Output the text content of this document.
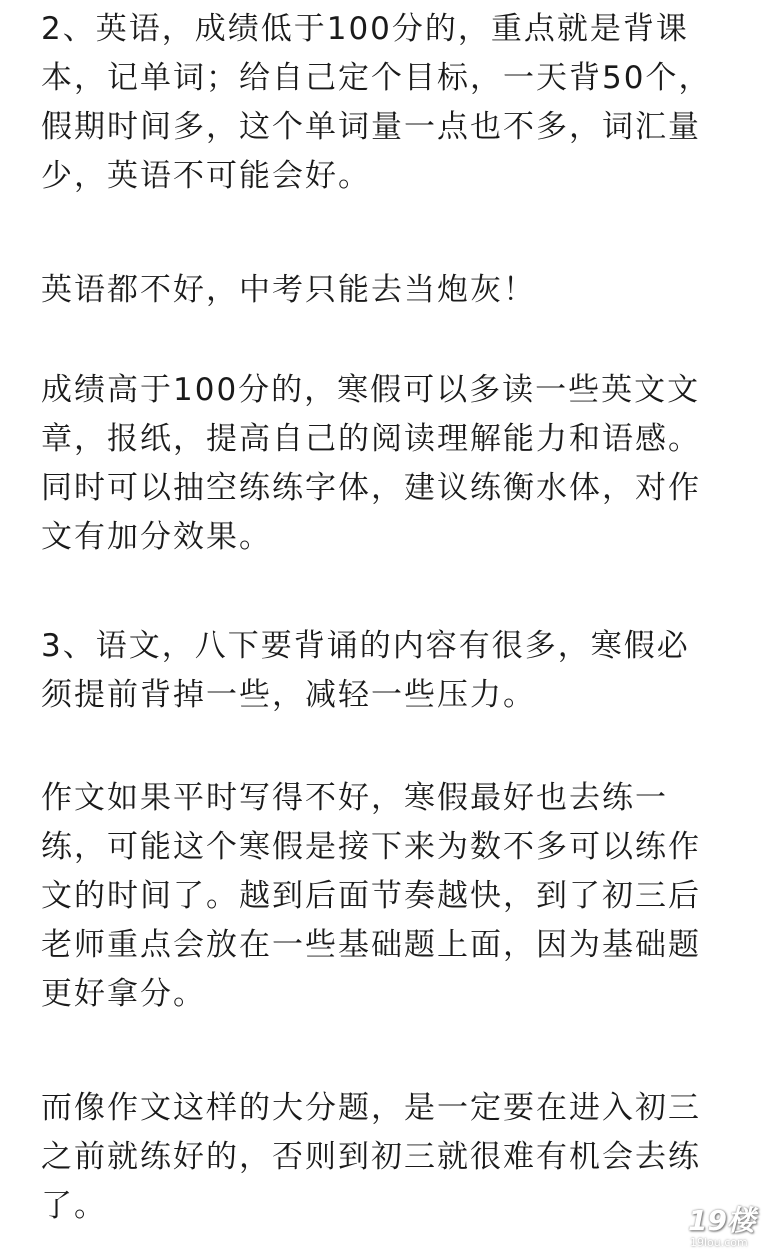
2、英语，成绩低于100分的，重点就是背课
本，记单词；给自己定个目标，一天背50个，
假期时间多，这个单词量一点也不多，词汇量
少，英语不可能会好。

英语都不好，中考只能去当炮灰！

成绩高于100分的，寒假可以多读一些英文文
章，报纸，提高自己的阅读理解能力和语感。
同时可以抽空练练字体，建议练衡水体，对作
文有加分效果。

3、语文，八下要背诵的内容有很多，寒假必
须提前背掉一些，减轻一些压力。

作文如果平时写得不好，寒假最好也去练一
练，可能这个寒假是接下来为数不多可以练作
文的时间了。越到后面节奏越快，到了初三后
老师重点会放在一些基础题上面，因为基础题
更好拿分。

而像作文这样的大分题，是一定要在进入初三
之前就练好的，否则到初三就很难有机会去练
了。	19楼
19lou.com
